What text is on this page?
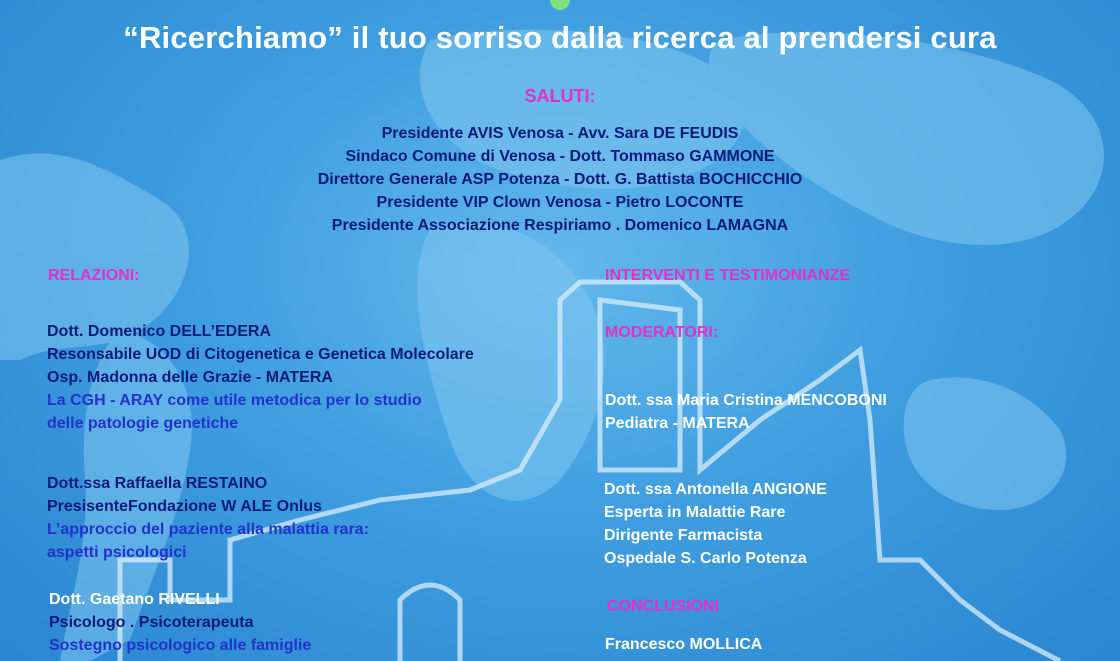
“Ricerchiamo” il tuo sorriso dalla ricerca al prendersi cura
SALUTI:
Presidente AVIS Venosa - Avv. Sara DE FEUDIS
Sindaco Comune di Venosa - Dott. Tommaso GAMMONE
Direttore Generale ASP Potenza - Dott. G. Battista BOCHICCHIO
Presidente VIP Clown Venosa - Pietro LOCONTE
Presidente Associazione Respiriamo . Domenico LAMAGNA
RELAZIONI:
Dott. Domenico DELL’EDERA
Resonsabile UOD di Citogenetica e Genetica Molecolare
Osp. Madonna delle Grazie - MATERA
La CGH - ARAY come utile metodica per lo studio
delle patologie genetiche
Dott.ssa Raffaella RESTAINO
PresisenteFondazione W ALE Onlus
L’approccio del paziente alla malattia rara:
aspetti psicologici
Dott. Gaetano RIVELLI
Psicologo . Psicoterapeuta
Sostegno psicologico alle famiglie
INTERVENTI E TESTIMONIANZE
MODERATORI:
Dott. ssa Maria Cristina MENCOBONI
Pediatra - MATERA
Dott. ssa Antonella ANGIONE
Esperta in Malattie Rare
Dirigente Farmacista
Ospedale S. Carlo Potenza
CONCLUSIONI
Francesco MOLLICA
